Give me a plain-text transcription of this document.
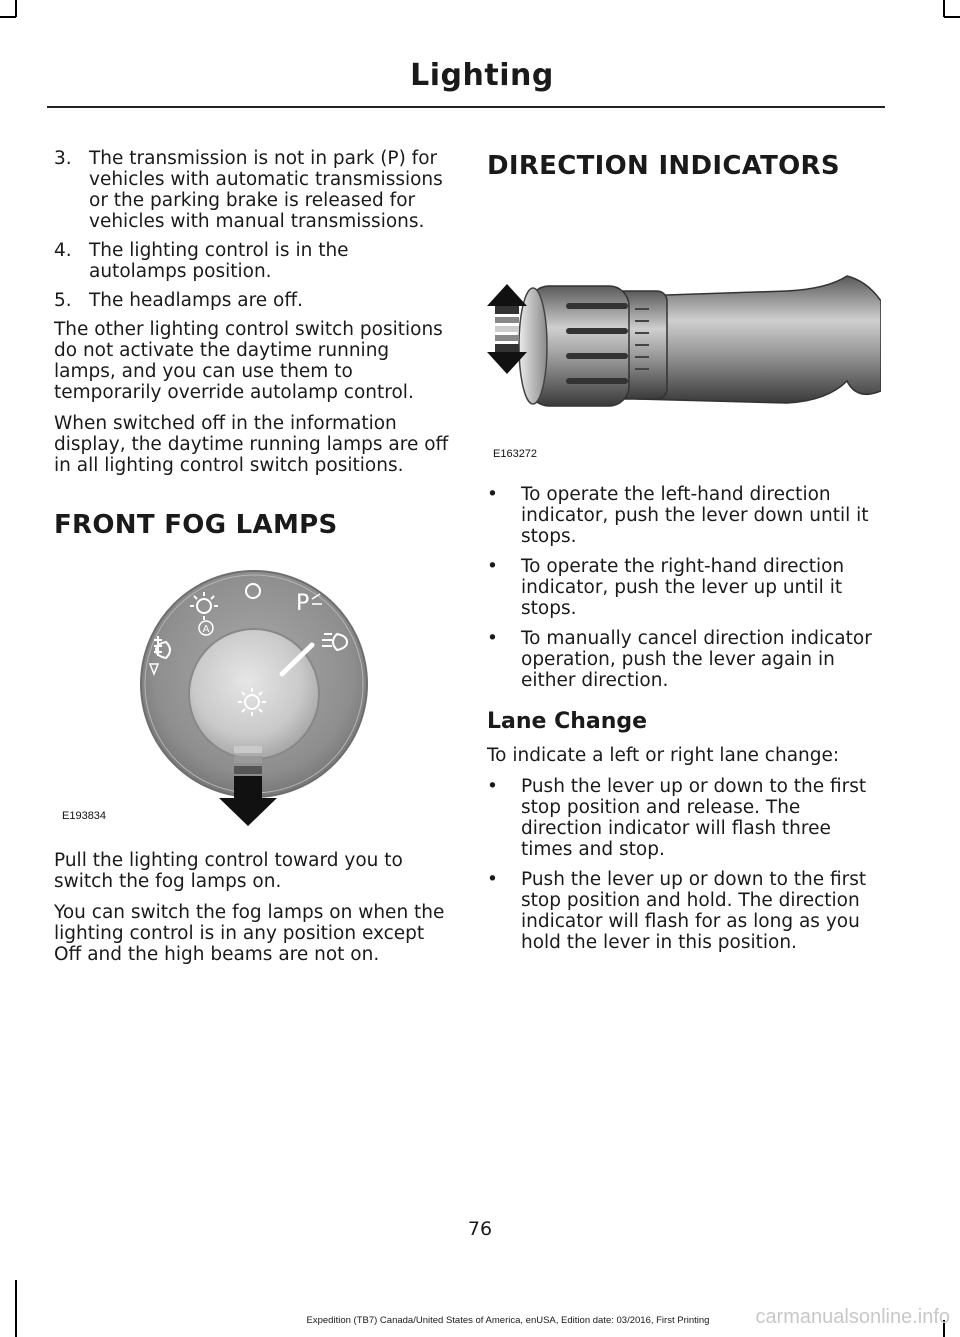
Lighting
3. The transmission is not in park (P) for vehicles with automatic transmissions or the parking brake is released for vehicles with manual transmissions.
4. The lighting control is in the autolamps position.
5. The headlamps are off.

The other lighting control switch positions do not activate the daytime running lamps, and you can use them to temporarily override autolamp control.

When switched off in the information display, the daytime running lamps are off in all lighting control switch positions.

FRONT FOG LAMPS
A
P
E193834

Pull the lighting control toward you to switch the fog lamps on.

You can switch the fog lamps on when the lighting control is in any position except Off and the high beams are not on.

DIRECTION INDICATORS
E163272
• To operate the left-hand direction indicator, push the lever down until it stops.
• To operate the right-hand direction indicator, push the lever up until it stops.
• To manually cancel direction indicator operation, push the lever again in either direction.
Lane Change

To indicate a left or right lane change:

• Push the lever up or down to the first stop position and release. The direction indicator will flash three times and stop.
• Push the lever up or down to the first stop position and hold. The direction indicator will flash for as long as you hold the lever in this position.
76
Expedition (TB7) Canada/United States of America, enUSA, Edition date: 03/2016, First Printing	carmanualsonline.info
